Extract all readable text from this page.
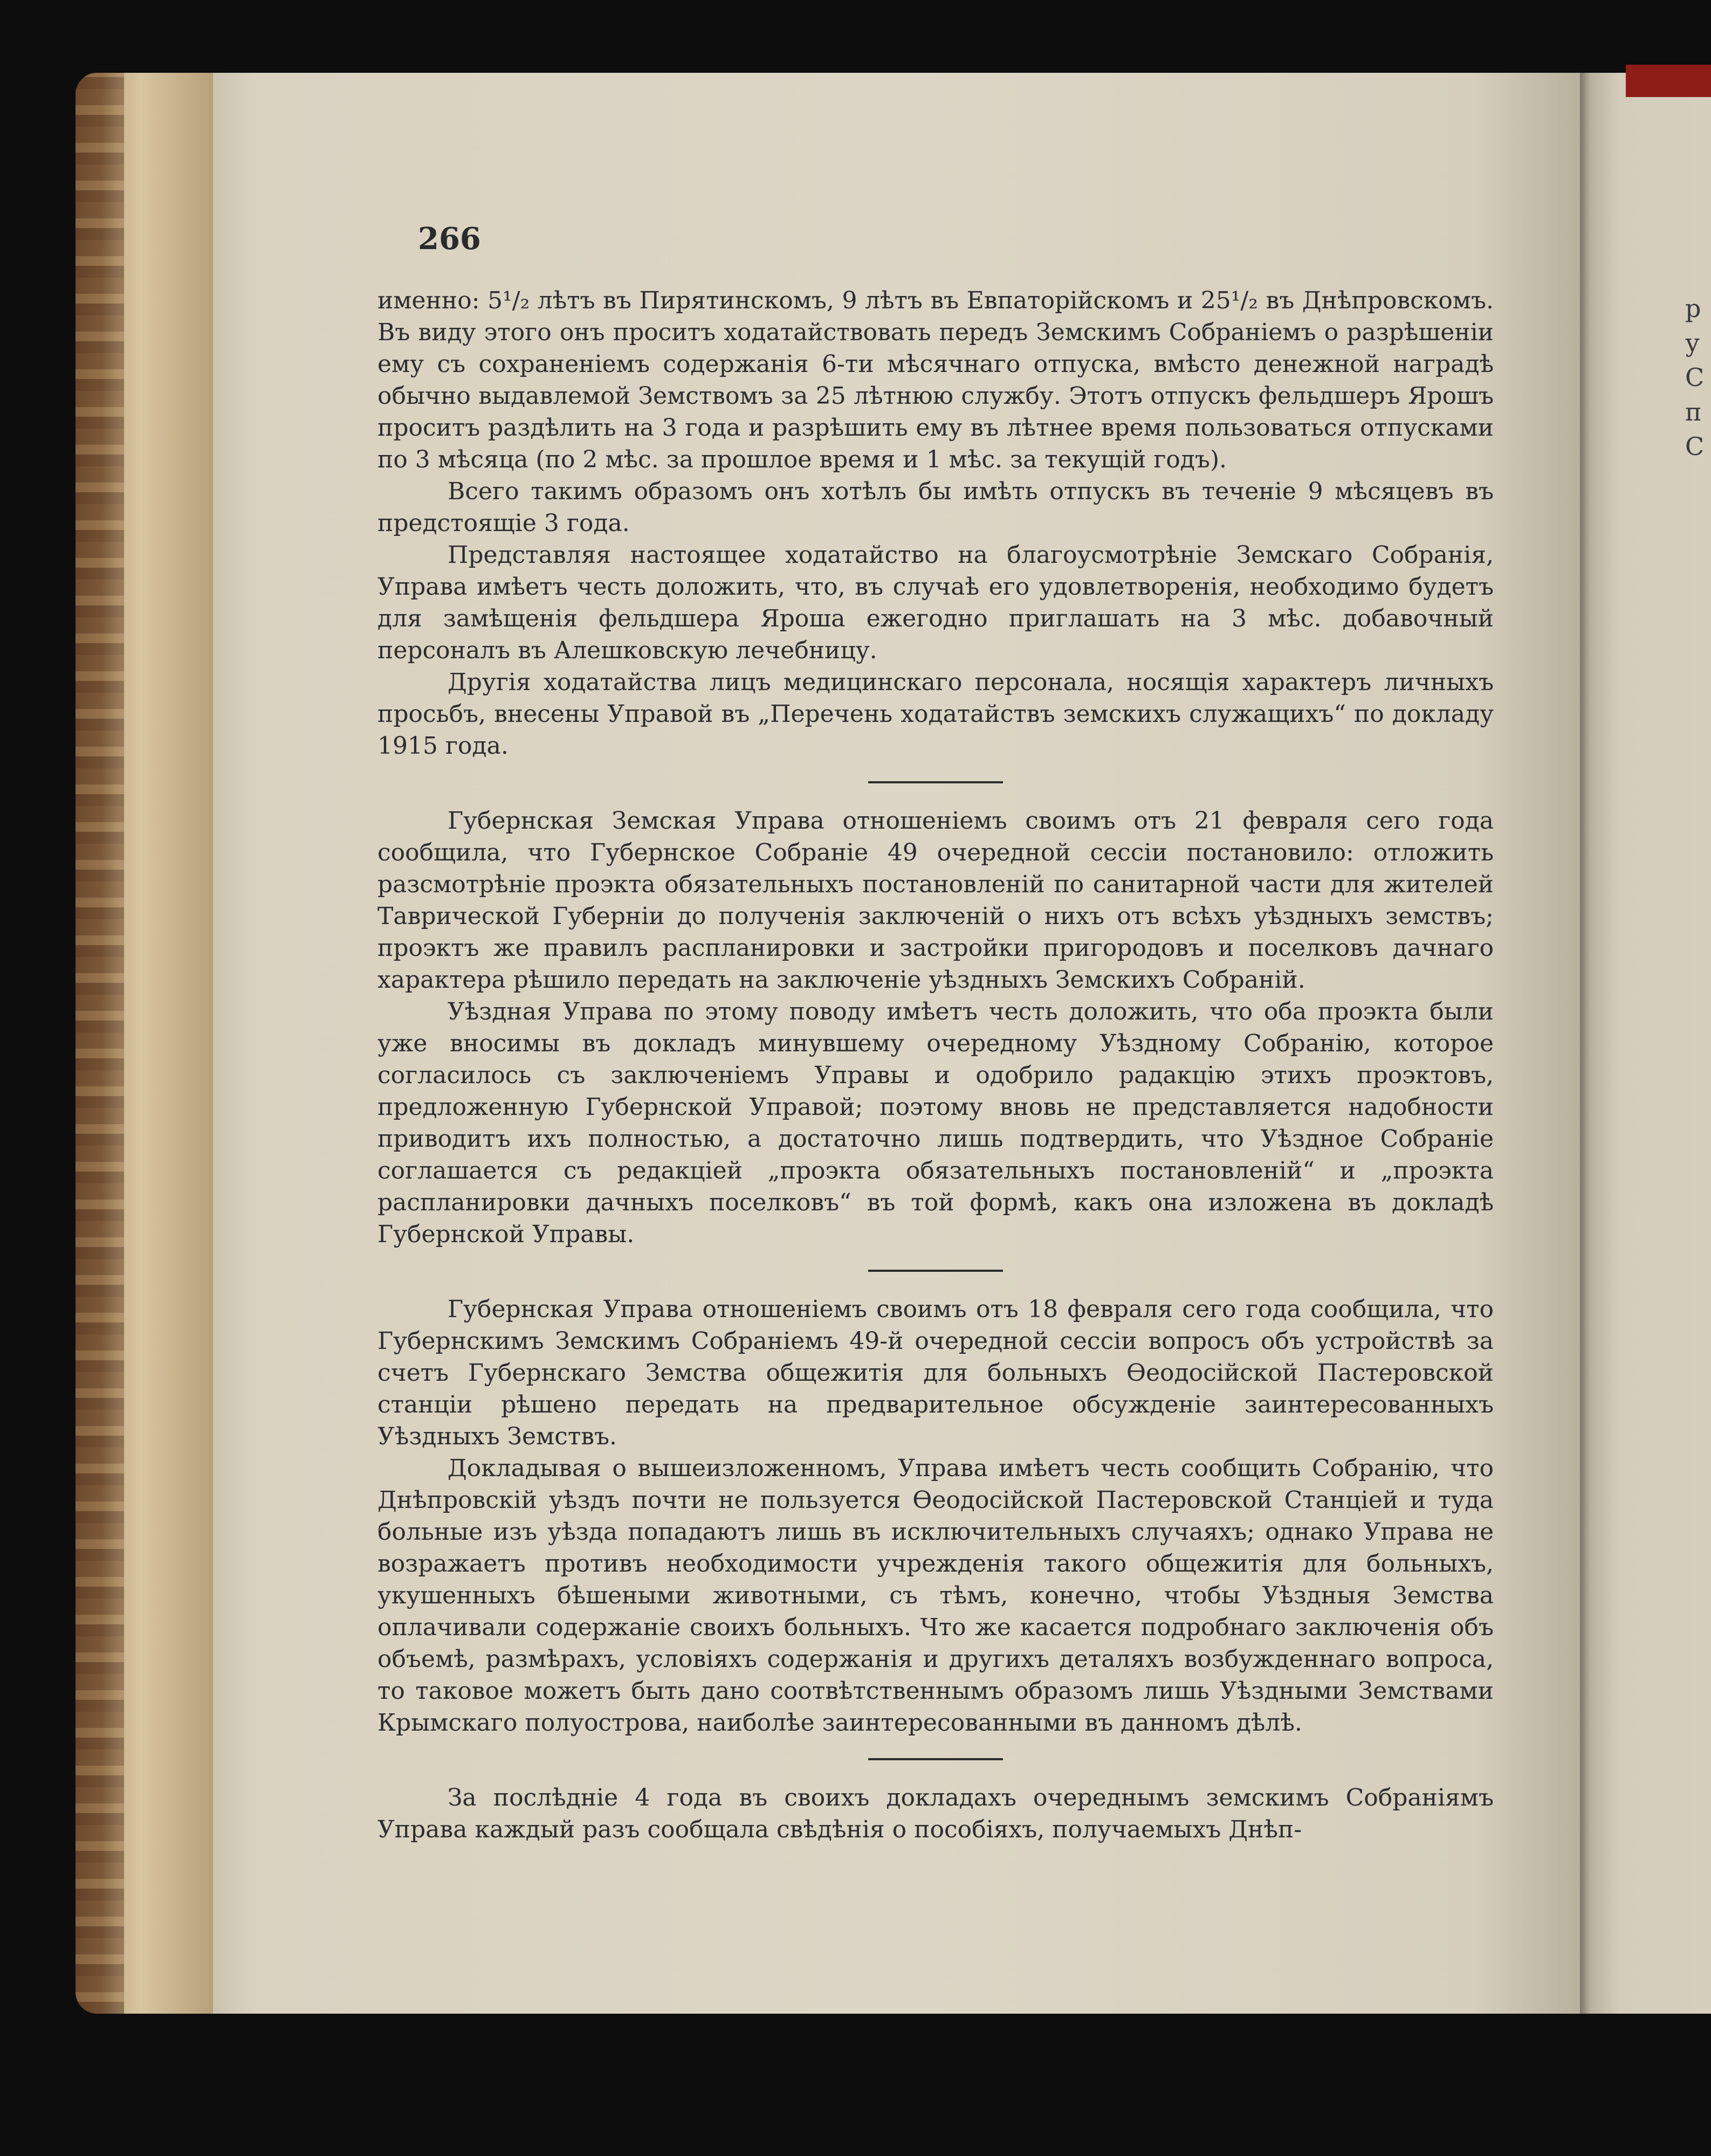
р
у
С
п
С
266

именно: 5¹/₂ лѣтъ въ Пирятинскомъ, 9 лѣтъ въ Евпаторійскомъ и 25¹/₂ въ Днѣпровскомъ. Въ виду этого онъ проситъ ходатайствовать передъ Земскимъ Собраніемъ о разрѣшеніи ему съ сохраненіемъ содержанія 6-ти мѣсячнаго отпуска, вмѣсто денежной наградѣ обычно выдавлемой Земствомъ за 25 лѣтнюю службу. Этотъ отпускъ фельдшеръ Ярошъ проситъ раздѣлить на 3 года и разрѣшить ему въ лѣтнее время пользоваться отпусками по 3 мѣсяца (по 2 мѣс. за прошлое время и 1 мѣс. за текущій годъ).

Всего такимъ образомъ онъ хотѣлъ бы имѣть отпускъ въ теченіе 9 мѣсяцевъ въ предстоящіе 3 года.

Представляя настоящее ходатайство на благоусмотрѣніе Земскаго Собранія, Управа имѣетъ честь доложить, что, въ случаѣ его удовлетворенія, необходимо будетъ для замѣщенія фельдшера Яроша ежегодно приглашать на 3 мѣс. добавочный персоналъ въ Алешковскую лечебницу.

Другія ходатайства лицъ медицинскаго персонала, носящія характеръ личныхъ просьбъ, внесены Управой въ „Перечень ходатайствъ земскихъ служащихъ“ по докладу 1915 года.

Губернская Земская Управа отношеніемъ своимъ отъ 21 февраля сего года сообщила, что Губернское Собраніе 49 очередной сессіи постановило: отложить разсмотрѣніе проэкта обязательныхъ постановленій по санитарной части для жителей Таврической Губерніи до полученія заключеній о нихъ отъ всѣхъ уѣздныхъ земствъ; проэктъ же правилъ распланировки и застройки пригородовъ и поселковъ дачнаго характера рѣшило передать на заключеніе уѣздныхъ Земскихъ Собраній.

Уѣздная Управа по этому поводу имѣетъ честь доложить, что оба проэкта были уже вносимы въ докладъ минувшему очередному Уѣздному Собранію, которое согласилось съ заключеніемъ Управы и одобрило радакцію этихъ проэктовъ, предложенную Губернской Управой; поэтому вновь не представляется надобности приводитъ ихъ полностью, а достаточно лишь подтвердить, что Уѣздное Собраніе соглашается съ редакціей „проэкта обязательныхъ постановленій“ и „проэкта распланировки дачныхъ поселковъ“ въ той формѣ, какъ она изложена въ докладѣ Губернской Управы.

Губернская Управа отношеніемъ своимъ отъ 18 февраля сего года сообщила, что Губернскимъ Земскимъ Собраніемъ 49-й очередной сессіи вопросъ объ устройствѣ за счетъ Губернскаго Земства общежитія для больныхъ Ѳеодосійской Пастеровской станціи рѣшено передать на предварительное обсужденіе заинтересованныхъ Уѣздныхъ Земствъ.

Докладывая о вышеизложенномъ, Управа имѣетъ честь сообщить Собранію, что Днѣпровскій уѣздъ почти не пользуется Ѳеодосійской Пастеровской Станціей и туда больные изъ уѣзда попадаютъ лишь въ исключительныхъ случаяхъ; однако Управа не возражаетъ противъ необходимости учрежденія такого общежитія для больныхъ, укушенныхъ бѣшеными животными, съ тѣмъ, конечно, чтобы Уѣздныя Земства оплачивали содержаніе своихъ больныхъ. Что же касается подробнаго заключенія объ объемѣ, размѣрахъ, условіяхъ содержанія и другихъ деталяхъ возбужденнаго вопроса, то таковое можетъ быть дано соотвѣтственнымъ образомъ лишь Уѣздными Земствами Крымскаго полуострова, наиболѣе заинтересованными въ данномъ дѣлѣ.

За послѣдніе 4 года въ своихъ докладахъ очереднымъ земскимъ Собраніямъ Управа каждый разъ сообщала свѣдѣнія о пособіяхъ, получаемыхъ Днѣп-
